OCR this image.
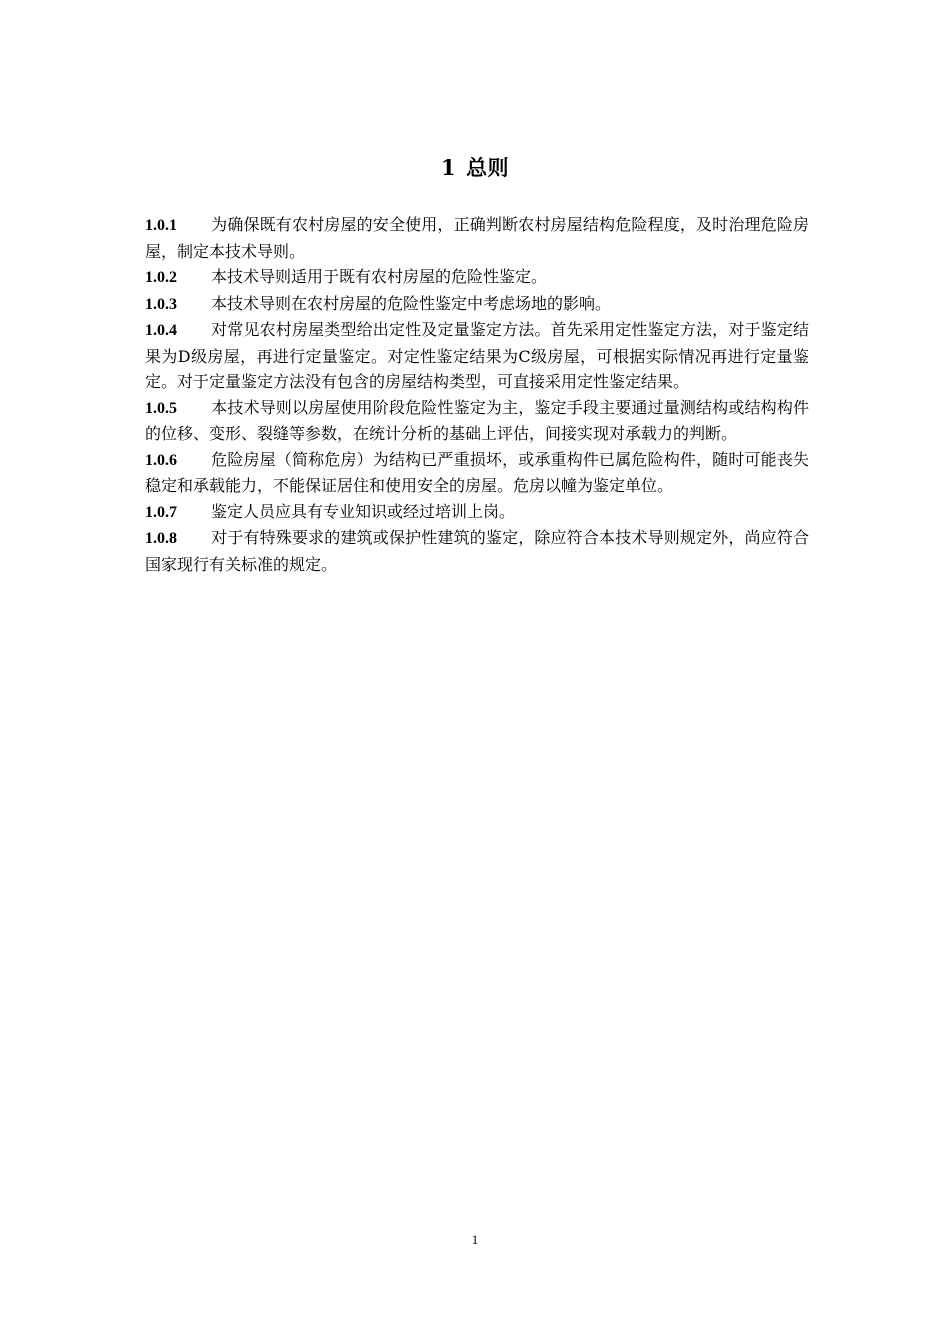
1 总则

1.0.1 为确保既有农村房屋的安全使用，正确判断农村房屋结构危险程度，及时治理危险房屋，制定本技术导则。

1.0.2 本技术导则适用于既有农村房屋的危险性鉴定。

1.0.3 本技术导则在农村房屋的危险性鉴定中考虑场地的影响。

1.0.4 对常见农村房屋类型给出定性及定量鉴定方法。首先采用定性鉴定方法，对于鉴定结果为D级房屋，再进行定量鉴定。对定性鉴定结果为C级房屋，可根据实际情况再进行定量鉴定。对于定量鉴定方法没有包含的房屋结构类型，可直接采用定性鉴定结果。

1.0.5 本技术导则以房屋使用阶段危险性鉴定为主，鉴定手段主要通过量测结构或结构构件的位移、变形、裂缝等参数，在统计分析的基础上评估，间接实现对承载力的判断。

1.0.6 危险房屋（简称危房）为结构已严重损坏，或承重构件已属危险构件，随时可能丧失稳定和承载能力，不能保证居住和使用安全的房屋。危房以幢为鉴定单位。

1.0.7 鉴定人员应具有专业知识或经过培训上岗。

1.0.8 对于有特殊要求的建筑或保护性建筑的鉴定，除应符合本技术导则规定外，尚应符合国家现行有关标准的规定。

1
